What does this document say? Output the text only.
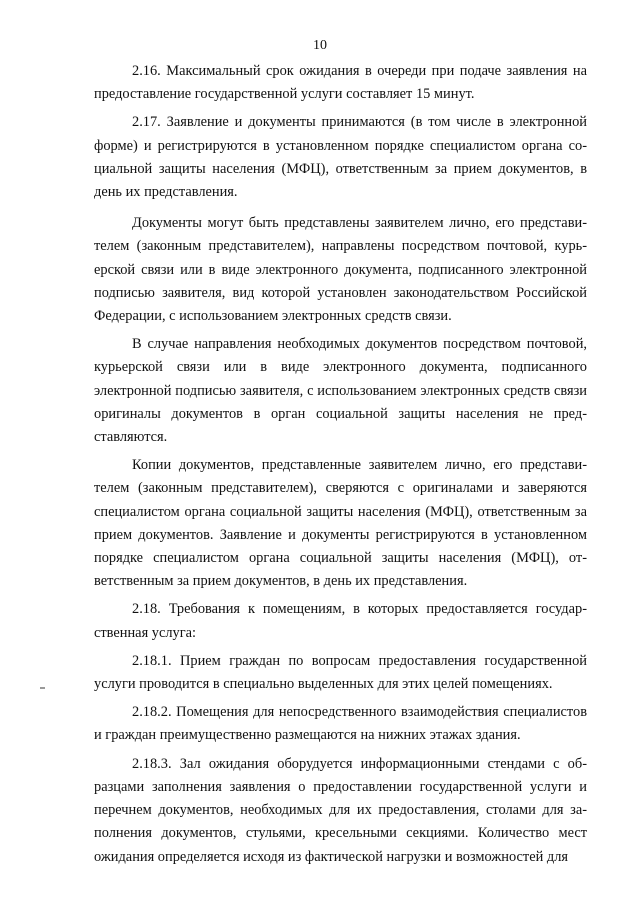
10

2.16. Максимальный срок ожидания в очереди при подаче заявления на предоставление государственной услуги составляет 15 минут.

2.17. Заявление и документы принимаются (в том числе в электронной форме) и регистрируются в установленном порядке специалистом органа социальной защиты населения (МФЦ), ответственным за прием документов, в день их представления.

Документы могут быть представлены заявителем лично, его представителем (законным представителем), направлены посредством почтовой, курьерской связи или в виде электронного документа, подписанного электронной подписью заявителя, вид которой установлен законодательством Российской Федерации, с использованием электронных средств связи.

В случае направления необходимых документов посредством почтовой, курьерской связи или в виде электронного документа, подписанного электронной подписью заявителя, с использованием электронных средств связи оригиналы документов в орган социальной защиты населения не представляются.

Копии документов, представленные заявителем лично, его представителем (законным представителем), сверяются с оригиналами и заверяются специалистом органа социальной защиты населения (МФЦ), ответственным за прием документов. Заявление и документы регистрируются в установленном порядке специалистом органа социальной защиты населения (МФЦ), ответственным за прием документов, в день их представления.

2.18. Требования к помещениям, в которых предоставляется государственная услуга:

2.18.1. Прием граждан по вопросам предоставления государственной услуги проводится в специально выделенных для этих целей помещениях.

2.18.2. Помещения для непосредственного взаимодействия специалистов и граждан преимущественно размещаются на нижних этажах здания.

2.18.3. Зал ожидания оборудуется информационными стендами с образцами заполнения заявления о предоставлении государственной услуги и перечнем документов, необходимых для их предоставления, столами для заполнения документов, стульями, кресельными секциями. Количество мест ожидания определяется исходя из фактической нагрузки и возможностей для
